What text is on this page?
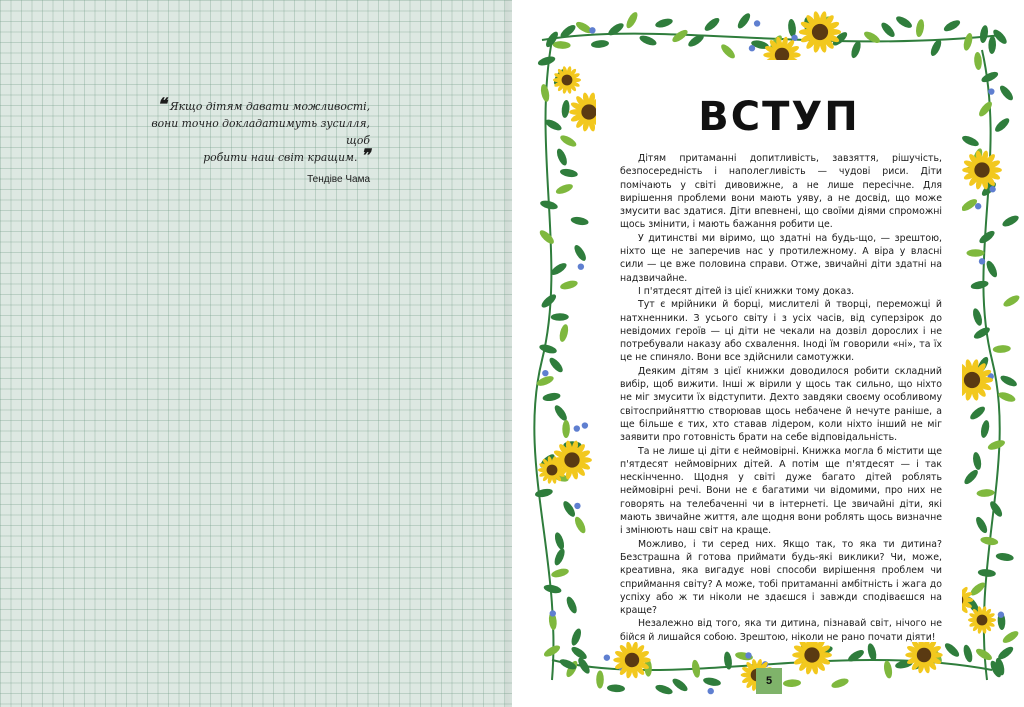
❝ Якщо дітям давати можливості,
вони точно докладатимуть зусилля, щоб
робити наш світ кращим. ❞
Тендіве Чама
ВСТУП

Дітям притаманні допитливість, завзяття, рішучість, безпосередність і наполегливість — чудові риси. Діти помічають у світі дивовижне, а не лише пересічне. Для вирішення проблеми вони мають уяву, а не досвід, що може змусити вас здатися. Діти впевнені, що своїми діями спроможні щось змінити, і мають бажання робити це.

У дитинстві ми віримо, що здатні на будь-що, — зрештою, ніхто ще не заперечив нас у протилежному. А віра у власні сили — це вже половина справи. Отже, звичайні діти здатні на надзвичайне.

І п'ятдесят дітей із цієї книжки тому доказ.

Тут є мрійники й борці, мислителі й творці, переможці й натхненники. З усього світу і з усіх часів, від суперзірок до невідомих героїв — ці діти не чекали на дозвіл дорослих і не потребували наказу або схвалення. Іноді їм говорили «ні», та їх це не спиняло. Вони все здійснили самотужки.

Деяким дітям з цієї книжки доводилося робити складний вибір, щоб вижити. Інші ж вірили у щось так сильно, що ніхто не міг змусити їх відступити. Дехто завдяки своєму особливому світосприйняттю створював щось небачене й нечуте раніше, а ще більше є тих, хто ставав лідером, коли ніхто інший не міг заявити про готовність брати на себе відповідальність.

Та не лише ці діти є неймовірні. Книжка могла б містити ще п'ятдесят неймовірних дітей. А потім ще п'ятдесят — і так нескінченно. Щодня у світі дуже багато дітей роблять неймовірні речі. Вони не є багатими чи відомими, про них не говорять на телебаченні чи в інтернеті. Це звичайні діти, які мають звичайне життя, але щодня вони роблять щось визначне і змінюють наш світ на краще.

Можливо, і ти серед них. Якщо так, то яка ти дитина? Безстрашна й готова приймати будь-які виклики? Чи, може, креативна, яка вигадує нові способи вирішення проблем чи сприймання світу? А може, тобі притаманні амбітність і жага до успіху або ж ти ніколи не здаєшся і завжди сподіваєшся на краще?

Незалежно від того, яка ти дитина, пізнавай світ, нічого не бійся й лишайся собою. Зрештою, ніколи не рано почати діяти!

5
